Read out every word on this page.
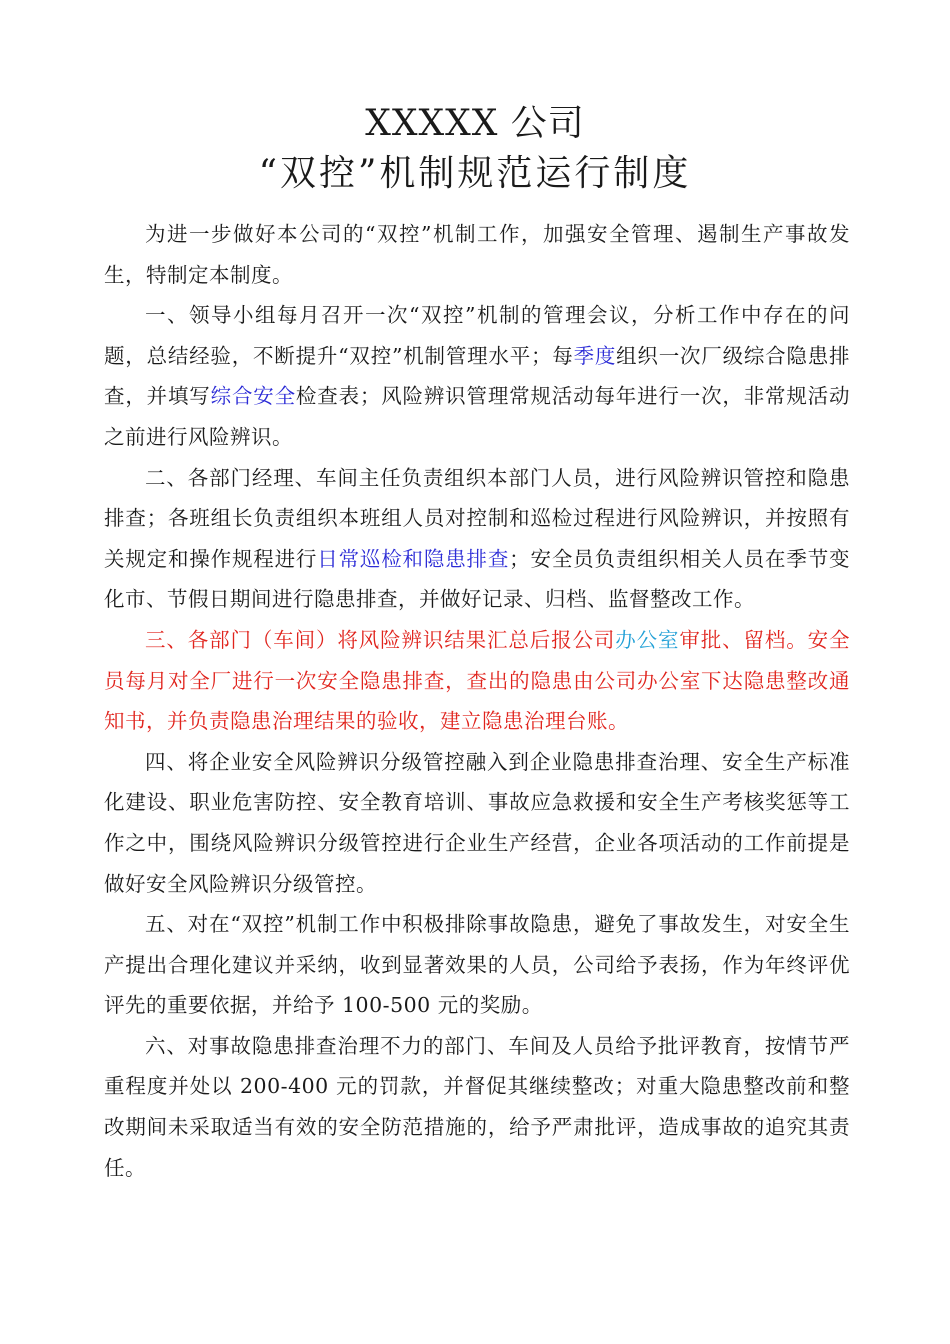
XXXXX 公司
“双控”机制规范运行制度

为进一步做好本公司的“双控”机制工作，加强安全管理、遏制生产事故发生，特制定本制度。

一、领导小组每月召开一次“双控”机制的管理会议，分析工作中存在的问题，总结经验，不断提升“双控”机制管理水平；每季度组织一次厂级综合隐患排查，并填写综合安全检查表；风险辨识管理常规活动每年进行一次，非常规活动之前进行风险辨识。

二、各部门经理、车间主任负责组织本部门人员，进行风险辨识管控和隐患排查；各班组长负责组织本班组人员对控制和巡检过程进行风险辨识，并按照有关规定和操作规程进行日常巡检和隐患排查；安全员负责组织相关人员在季节变化市、节假日期间进行隐患排查，并做好记录、归档、监督整改工作。

三、各部门（车间）将风险辨识结果汇总后报公司办公室审批、留档。安全员每月对全厂进行一次安全隐患排查，查出的隐患由公司办公室下达隐患整改通知书，并负责隐患治理结果的验收，建立隐患治理台账。

四、将企业安全风险辨识分级管控融入到企业隐患排查治理、安全生产标准化建设、职业危害防控、安全教育培训、事故应急救援和安全生产考核奖惩等工作之中，围绕风险辨识分级管控进行企业生产经营，企业各项活动的工作前提是做好安全风险辨识分级管控。

五、对在“双控”机制工作中积极排除事故隐患，避免了事故发生，对安全生产提出合理化建议并采纳，收到显著效果的人员，公司给予表扬，作为年终评优评先的重要依据，并给予 100-500 元的奖励。

六、对事故隐患排查治理不力的部门、车间及人员给予批评教育，按情节严重程度并处以 200-400 元的罚款，并督促其继续整改；对重大隐患整改前和整改期间未采取适当有效的安全防范措施的，给予严肃批评，造成事故的追究其责任。
